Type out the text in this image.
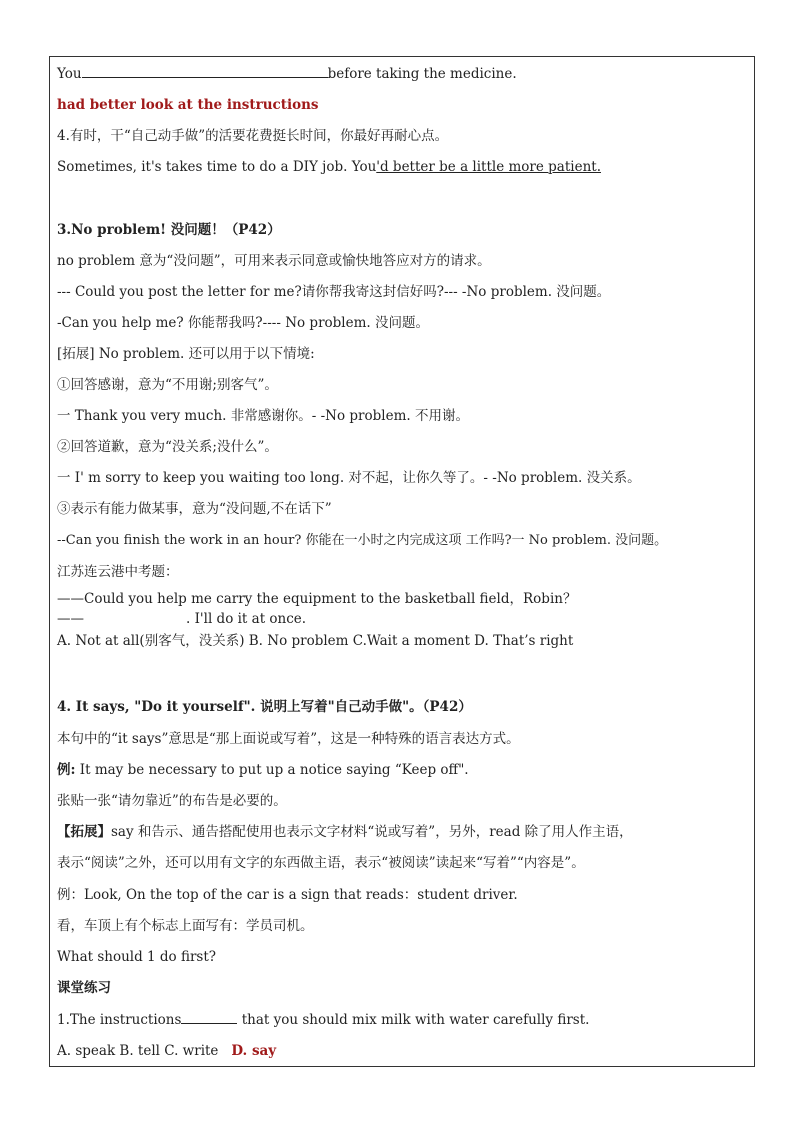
You	before taking the medicine.
had better look at the instructions
4.有时，干“自己动手做”的活要花费挺长时间，你最好再耐心点。
Sometimes, it's takes time to do a DIY job. You'd better be a little more patient.
3.No problem! 没问题！（P42）
no problem 意为“没问题”，可用来表示同意或愉快地答应对方的请求。
--- Could you post the letter for me?请你帮我寄这封信好吗?--- -No problem. 没问题。
-Can you help me? 你能帮我吗?---- No problem. 没问题。
[拓展] No problem. 还可以用于以下情境:
①回答感谢，意为“不用谢;别客气”。
一 Thank you very much. 非常感谢你。- -No problem. 不用谢。
②回答道歉，意为“没关系;没什么”。
一 I' m sorry to keep you waiting too long. 对不起，让你久等了。- -No problem. 没关系。
③表示有能力做某事，意为“没问题,不在话下”
--Can you finish the work in an hour? 你能在一小时之内完成这项 工作吗?一 No problem. 没问题。
江苏连云港中考题：
——Could you help me carry the equipment to the basketball field，Robin？
——	. I'll do it at once.
A. Not at all(别客气，没关系) B. No problem C.Wait a moment D. That’s right
4. It says, "Do it yourself". 说明上写着"自己动手做"。（P42）
本句中的“it says”意思是“那上面说或写着”，这是一种特殊的语言表达方式。
例: It may be necessary to put up a notice saying “Keep off".
张贴一张“请勿靠近”的布告是必要的。
【拓展】say 和告示、通告搭配使用也表示文字材料“说或写着”，另外，read 除了用人作主语，
表示“阅读”之外，还可以用有文字的东西做主语，表示“被阅读”读起来“写着”“内容是”。
例：Look, On the top of the car is a sign that reads：student driver.
看，车顶上有个标志上面写有：学员司机。
What should 1 do first?
课堂练习
1.The instructions	that you should mix milk with water carefully first.
A. speak B. tell C. write D. say
